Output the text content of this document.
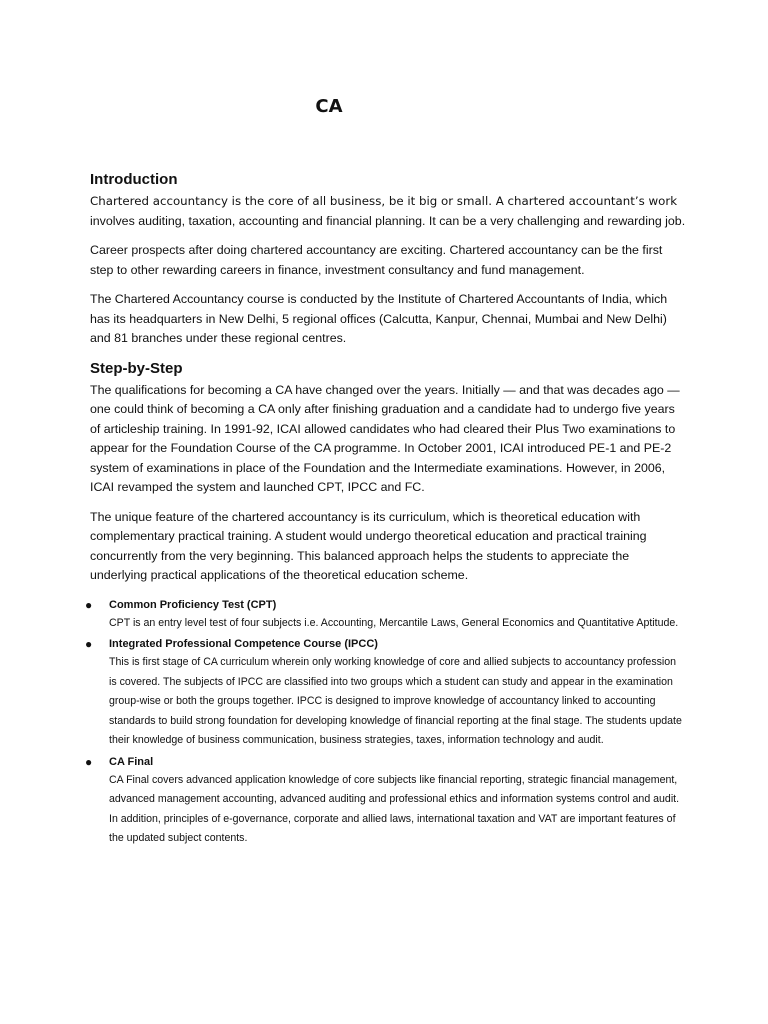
CA
Introduction

Chartered accountancy is the core of all business, be it big or small. A chartered accountant’s work involves auditing, taxation, accounting and financial planning. It can be a very challenging and rewarding job.

Career prospects after doing chartered accountancy are exciting. Chartered accountancy can be the first step to other rewarding careers in finance, investment consultancy and fund management.

The Chartered Accountancy course is conducted by the Institute of Chartered Accountants of India, which has its headquarters in New Delhi, 5 regional offices (Calcutta, Kanpur, Chennai, Mumbai and New Delhi) and 81 branches under these regional centres.

Step-by-Step

The qualifications for becoming a CA have changed over the years. Initially — and that was decades ago — one could think of becoming a CA only after finishing graduation and a candidate had to undergo five years of articleship training. In 1991-92, ICAI allowed candidates who had cleared their Plus Two examinations to appear for the Foundation Course of the CA programme. In October 2001, ICAI introduced PE-1 and PE-2 system of examinations in place of the Foundation and the Intermediate examinations. However, in 2006, ICAI revamped the system and launched CPT, IPCC and FC.

The unique feature of the chartered accountancy is its curriculum, which is theoretical education with complementary practical training. A student would undergo theoretical education and practical training concurrently from the very beginning. This balanced approach helps the students to appreciate the underlying practical applications of the theoretical education scheme.

● Common Proficiency Test (CPT)

CPT is an entry level test of four subjects i.e. Accounting, Mercantile Laws, General Economics and Quantitative Aptitude.

● Integrated Professional Competence Course (IPCC)

This is first stage of CA curriculum wherein only working knowledge of core and allied subjects to accountancy profession is covered. The subjects of IPCC are classified into two groups which a student can study and appear in the examination group-wise or both the groups together. IPCC is designed to improve knowledge of accountancy linked to accounting standards to build strong foundation for developing knowledge of financial reporting at the final stage. The students update their knowledge of business communication, business strategies, taxes, information technology and audit.

● CA Final

CA Final covers advanced application knowledge of core subjects like financial reporting, strategic financial management, advanced management accounting, advanced auditing and professional ethics and information systems control and audit. In addition, principles of e-governance, corporate and allied laws, international taxation and VAT are important features of the updated subject contents.
